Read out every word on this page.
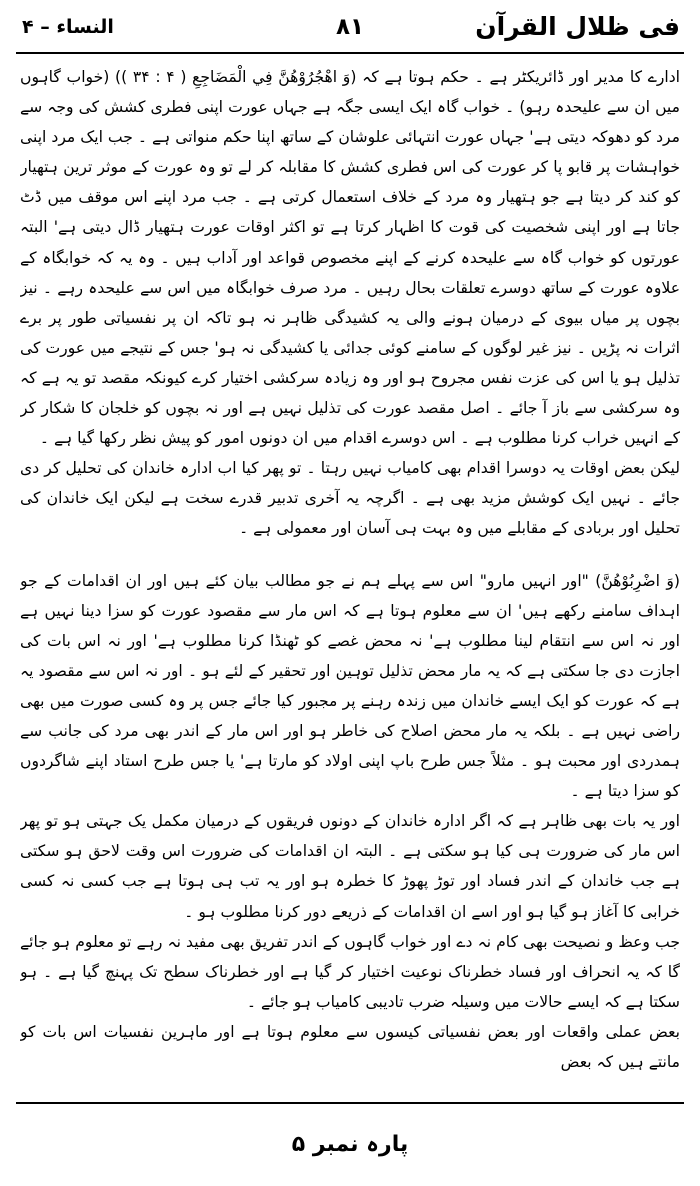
فی ظلال القرآن
۸۱
النساء – ۴

ادارے کا مدیر اور ڈائریکٹر ہے ۔ حکم ہوتا ہے کہ (وَ اهْجُرُوْهُنَّ فِي الْمَضَاجِعِ ( ۴ : ۳۴ )) (خواب گاہوں میں ان سے علیحدہ رہو) ۔ خواب گاہ ایک ایسی جگہ ہے جہاں عورت اپنی فطری کشش کی وجہ سے مرد کو دھوکہ دیتی ہے' جہاں عورت انتہائی علوشان کے ساتھ اپنا حکم منواتی ہے ۔ جب ایک مرد اپنی خواہشات پر قابو پا کر عورت کی اس فطری کشش کا مقابلہ کر لے تو وہ عورت کے موثر ترین ہتھیار کو کند کر دیتا ہے جو ہتھیار وہ مرد کے خلاف استعمال کرتی ہے ۔ جب مرد اپنے اس موقف میں ڈٹ جاتا ہے اور اپنی شخصیت کی قوت کا اظہار کرتا ہے تو اکثر اوقات عورت ہتھیار ڈال دیتی ہے' البتہ عورتوں کو خواب گاہ سے علیحدہ کرنے کے اپنے مخصوص قواعد اور آداب ہیں ۔ وہ یہ کہ خوابگاہ کے علاوہ عورت کے ساتھ دوسرے تعلقات بحال رہیں ۔ مرد صرف خوابگاہ میں اس سے علیحدہ رہے ۔ نیز بچوں پر میاں بیوی کے درمیان ہونے والی یہ کشیدگی ظاہر نہ ہو تاکہ ان پر نفسیاتی طور پر برے اثرات نہ پڑیں ۔ نیز غیر لوگوں کے سامنے کوئی جدائی یا کشیدگی نہ ہو' جس کے نتیجے میں عورت کی تذلیل ہو یا اس کی عزت نفس مجروح ہو اور وہ زیادہ سرکشی اختیار کرے کیونکہ مقصد تو یہ ہے کہ وہ سرکشی سے باز آ جائے ۔ اصل مقصد عورت کی تذلیل نہیں ہے اور نہ بچوں کو خلجان کا شکار کر کے انہیں خراب کرنا مطلوب ہے ۔ اس دوسرے اقدام میں ان دونوں امور کو پیش نظر رکھا گیا ہے ۔

لیکن بعض اوقات یہ دوسرا اقدام بھی کامیاب نہیں رہتا ۔ تو پھر کیا اب ادارہ خاندان کی تحلیل کر دی جائے ۔ نہیں ایک کوشش مزید بھی ہے ۔ اگرچہ یہ آخری تدبیر قدرے سخت ہے لیکن ایک خاندان کی تحلیل اور بربادی کے مقابلے میں وہ بہت ہی آسان اور معمولی ہے ۔

(وَ اضْرِبُوْهُنَّ) "اور انہیں مارو" اس سے پہلے ہم نے جو مطالب بیان کئے ہیں اور ان اقدامات کے جو اہداف سامنے رکھے ہیں' ان سے معلوم ہوتا ہے کہ اس مار سے مقصود عورت کو سزا دینا نہیں ہے اور نہ اس سے انتقام لینا مطلوب ہے' نہ محض غصے کو ٹھنڈا کرنا مطلوب ہے' اور نہ اس بات کی اجازت دی جا سکتی ہے کہ یہ مار محض تذلیل توہین اور تحقیر کے لئے ہو ۔ اور نہ اس سے مقصود یہ ہے کہ عورت کو ایک ایسے خاندان میں زندہ رہنے پر مجبور کیا جائے جس پر وہ کسی صورت میں بھی راضی نہیں ہے ۔ بلکہ یہ مار محض اصلاح کی خاطر ہو اور اس مار کے اندر بھی مرد کی جانب سے ہمدردی اور محبت ہو ۔ مثلاً جس طرح باپ اپنی اولاد کو مارتا ہے' یا جس طرح استاد اپنے شاگردوں کو سزا دیتا ہے ۔

اور یہ بات بھی ظاہر ہے کہ اگر ادارہ خاندان کے دونوں فریقوں کے درمیان مکمل یک جہتی ہو تو پھر اس مار کی ضرورت ہی کیا ہو سکتی ہے ۔ البتہ ان اقدامات کی ضرورت اس وقت لاحق ہو سکتی ہے جب خاندان کے اندر فساد اور توڑ پھوڑ کا خطرہ ہو اور یہ تب ہی ہوتا ہے جب کسی نہ کسی خرابی کا آغاز ہو گیا ہو اور اسے ان اقدامات کے ذریعے دور کرنا مطلوب ہو ۔

جب وعظ و نصیحت بھی کام نہ دے اور خواب گاہوں کے اندر تفریق بھی مفید نہ رہے تو معلوم ہو جائے گا کہ یہ انحراف اور فساد خطرناک نوعیت اختیار کر گیا ہے اور خطرناک سطح تک پہنچ گیا ہے ۔ ہو سکتا ہے کہ ایسے حالات میں وسیلہ ضرب تادیبی کامیاب ہو جائے ۔

بعض عملی واقعات اور بعض نفسیاتی کیسوں سے معلوم ہوتا ہے اور ماہرین نفسیات اس بات کو مانتے ہیں کہ بعض

پارہ نمبر ۵
